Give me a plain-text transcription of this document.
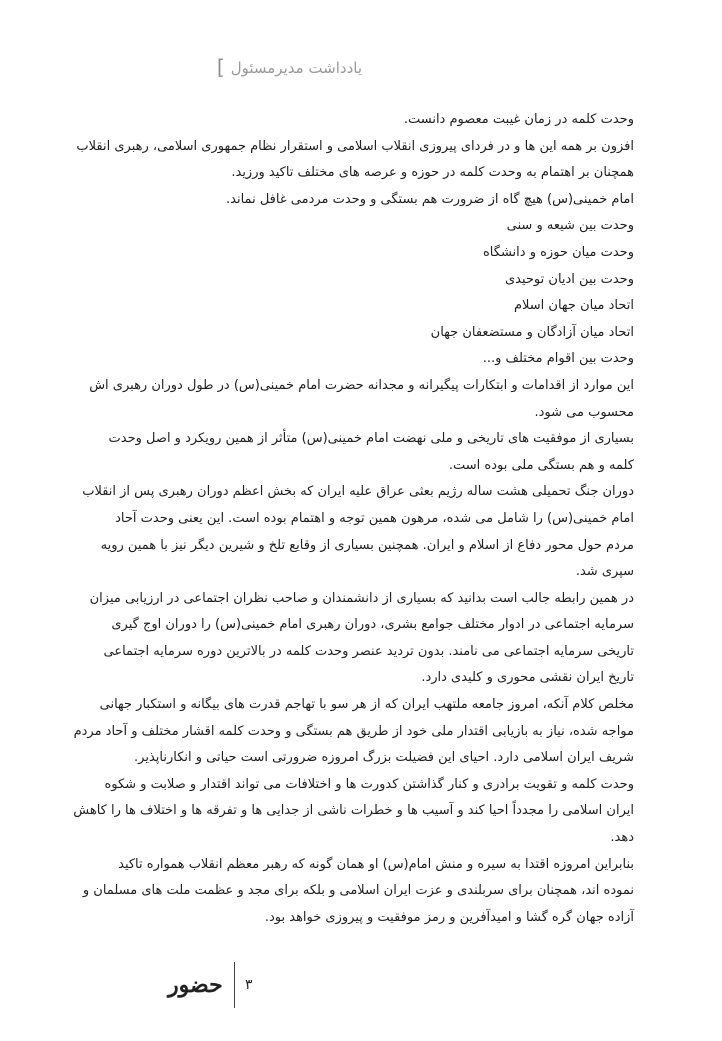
یادداشت مدیرمسئول
]
وحدت کلمه در زمان غیبت معصوم دانست.
افزون بر همه این ها و در فردای پیروزی انقلاب اسلامی و استقرار نظام جمهوری اسلامی، رهبری انقلاب
همچنان بر اهتمام به وحدت کلمه در حوزه و عرصه های مختلف تاکید ورزید.
امام خمینی(س) هیچ گاه از ضرورت هم بستگی و وحدت مردمی غافل نماند.
وحدت بین شیعه و سنی
وحدت میان حوزه و دانشگاه
وحدت بین ادیان توحیدی
اتحاد میان جهان اسلام
اتحاد میان آزادگان و مستضعفان جهان
وحدت بین اقوام مختلف و...
این موارد از اقدامات و ابتکارات پیگیرانه و مجدانه حضرت امام خمینی(س) در طول دوران رهبری اش
محسوب می شود.
بسیاری از موفقیت های تاریخی و ملی نهضت امام خمینی(س) متأثر از همین رویکرد و اصل وحدت
کلمه و هم بستگی ملی بوده است.
دوران جنگ تحمیلی هشت ساله رژیم بعثی عراق علیه ایران که بخش اعظم دوران رهبری پس از انقلاب
امام خمینی(س) را شامل می شده، مرهون همین توجه و اهتمام بوده است. این یعنی وحدت آحاد
مردم حول محور دفاع از اسلام و ایران. همچنین بسیاری از وقایع تلخ و شیرین دیگر نیز با همین رویه
سپری شد.
در همین رابطه جالب است بدانید که بسیاری از دانشمندان و صاحب نظران اجتماعی در ارزیابی میزان
سرمایه اجتماعی در ادوار مختلف جوامع بشری، دوران رهبری امام خمینی(س) را دوران اوج گیری
تاریخی سرمایه اجتماعی می نامند. بدون تردید عنصر وحدت کلمه در بالاترین دوره سرمایه اجتماعی
تاریخ ایران نقشی محوری و کلیدی دارد.
مخلص کلام آنکه، امروز جامعه ملتهب ایران که از هر سو با تهاجم قدرت های بیگانه و استکبار جهانی
مواجه شده، نیاز به بازیابی اقتدار ملی خود از طریق هم بستگی و وحدت کلمه اقشار مختلف و آحاد مردم
شریف ایران اسلامی دارد. احیای این فضیلت بزرگ امروزه ضرورتی است حیاتی و انکارناپذیر.
وحدت کلمه و تقویت برادری و کنار گذاشتن کدورت ها و اختلافات می تواند اقتدار و صلابت و شکوه
ایران اسلامی را مجدداً احیا کند و آسیب ها و خطرات ناشی از جدایی ها و تفرقه ها و اختلاف ها را کاهش
دهد.
بنابراین امروزه اقتدا به سیره و منش امام(س) او همان گونه که رهبر معظم انقلاب همواره تاکید
نموده اند، همچنان برای سربلندی و عزت ایران اسلامی و بلکه برای مجد و عظمت ملت های مسلمان و
آزاده جهان گره گشا و امیدآفرین و رمز موفقیت و پیروزی خواهد بود.
حضور ۳
